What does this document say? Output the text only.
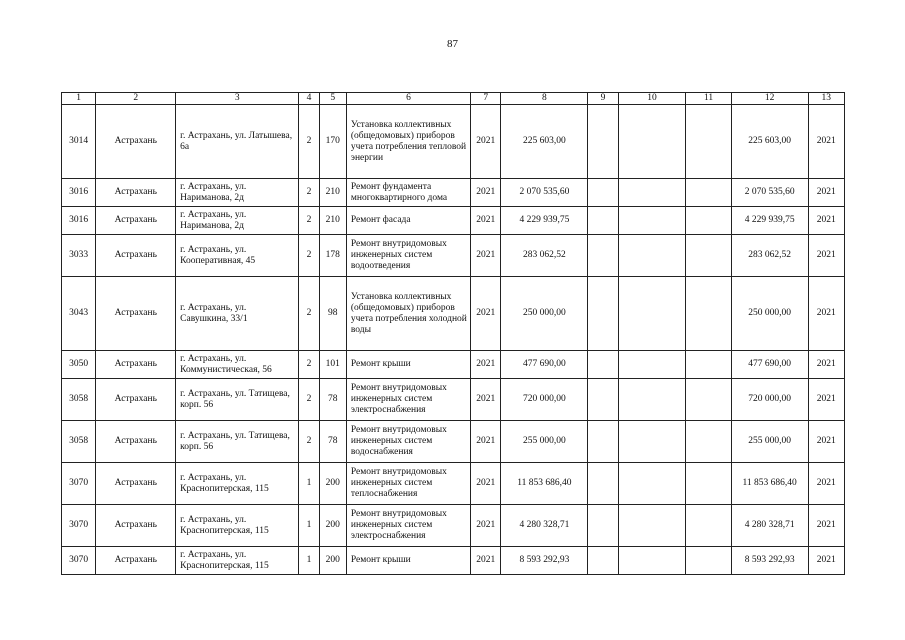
87
1	2	3	4	5	6	7	8	9	10	11	12	13
3014	Астрахань	г. Астрахань, ул. Латышева, 6а	2	170	Установка коллективных (общедомовых) приборов учета потребления тепловой энергии	2021	225 603,00				225 603,00	2021
3016	Астрахань	г. Астрахань, ул. Нариманова, 2д	2	210	Ремонт фундамента многоквартирного дома	2021	2 070 535,60				2 070 535,60	2021
3016	Астрахань	г. Астрахань, ул. Нариманова, 2д	2	210	Ремонт фасада	2021	4 229 939,75				4 229 939,75	2021
3033	Астрахань	г. Астрахань, ул. Кооперативная, 45	2	178	Ремонт внутридомовых инженерных систем водоотведения	2021	283 062,52				283 062,52	2021
3043	Астрахань	г. Астрахань, ул. Савушкина, 33/1	2	98	Установка коллективных (общедомовых) приборов учета потребления холодной воды	2021	250 000,00				250 000,00	2021
3050	Астрахань	г. Астрахань, ул. Коммунистическая, 56	2	101	Ремонт крыши	2021	477 690,00				477 690,00	2021
3058	Астрахань	г. Астрахань, ул. Татищева, корп. 56	2	78	Ремонт внутридомовых инженерных систем электроснабжения	2021	720 000,00				720 000,00	2021
3058	Астрахань	г. Астрахань, ул. Татищева, корп. 56	2	78	Ремонт внутридомовых инженерных систем водоснабжения	2021	255 000,00				255 000,00	2021
3070	Астрахань	г. Астрахань, ул. Краснопитерская, 115	1	200	Ремонт внутридомовых инженерных систем теплоснабжения	2021	11 853 686,40				11 853 686,40	2021
3070	Астрахань	г. Астрахань, ул. Краснопитерская, 115	1	200	Ремонт внутридомовых инженерных систем электроснабжения	2021	4 280 328,71				4 280 328,71	2021
3070	Астрахань	г. Астрахань, ул. Краснопитерская, 115	1	200	Ремонт крыши	2021	8 593 292,93				8 593 292,93	2021
